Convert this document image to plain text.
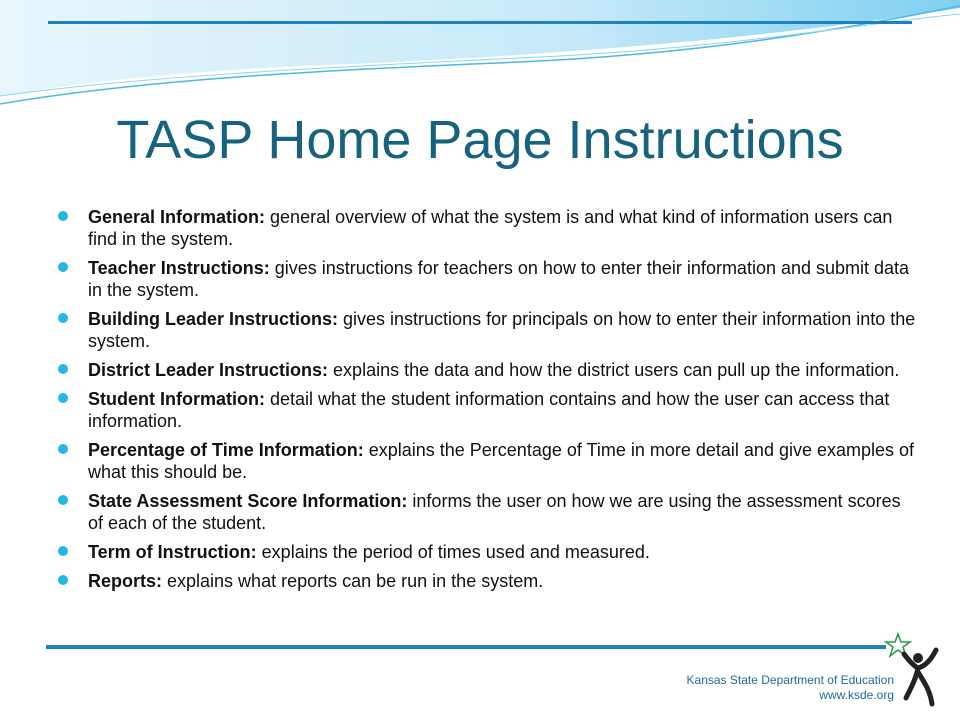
TASP Home Page Instructions
General Information: general overview of what the system is and what kind of information users can find in the system.
Teacher Instructions: gives instructions for teachers on how to enter their information and submit data in the system.
Building Leader Instructions: gives instructions for principals on how to enter their information into the system.
District Leader Instructions: explains the data and how the district users can pull up the information.
Student Information: detail what the student information contains and how the user can access that information.
Percentage of Time Information: explains the Percentage of Time in more detail and give examples of what this should be.
State Assessment Score Information: informs the user on how we are using the assessment scores of each of the student.
Term of Instruction: explains the period of times used and measured.
Reports: explains what reports can be run in the system.
Kansas State Department of Education
www.ksde.org
